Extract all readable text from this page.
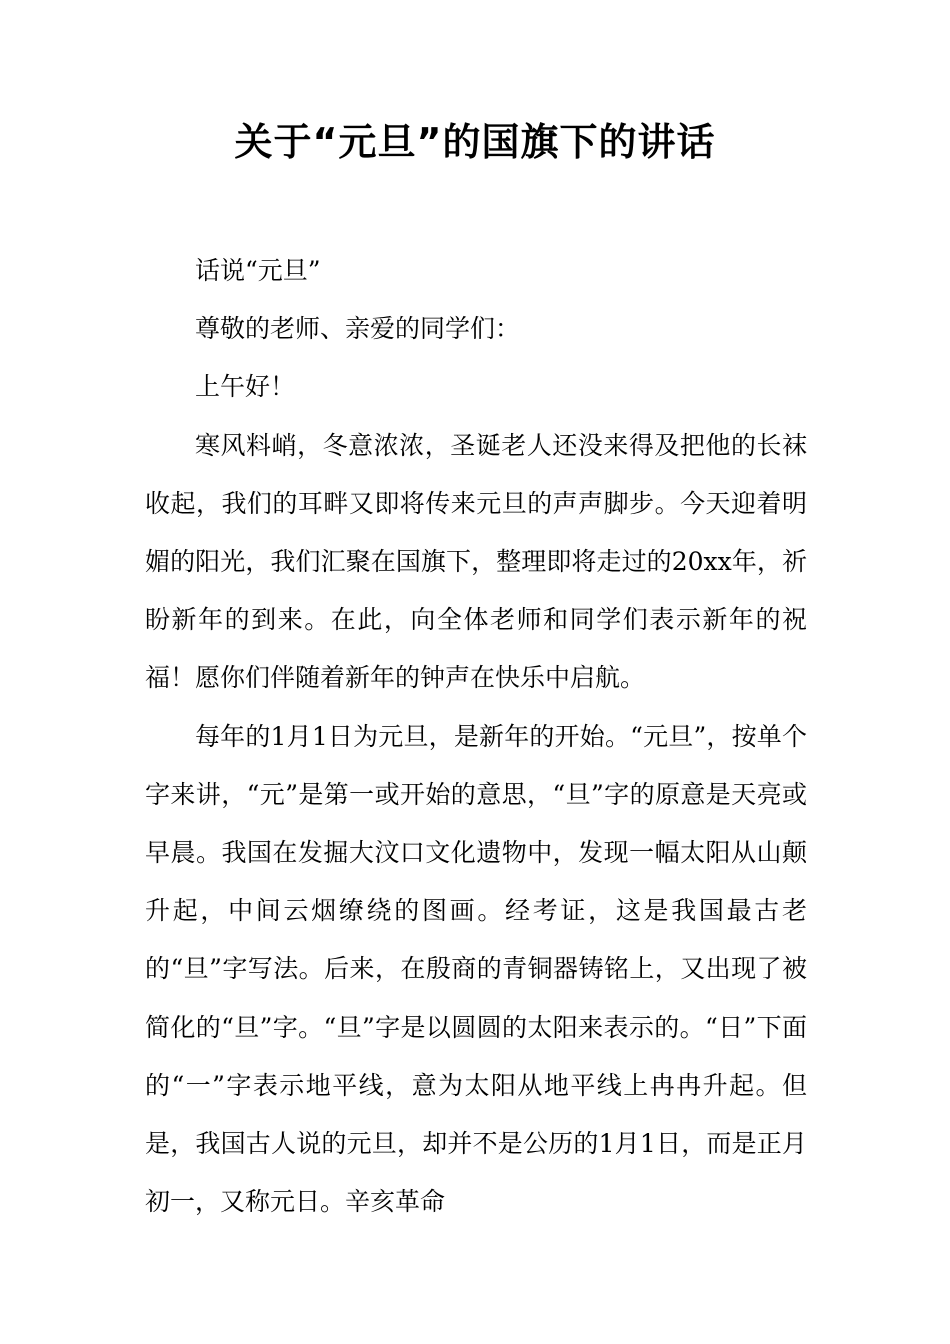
关于“元旦”的国旗下的讲话

话说“元旦”

尊敬的老师、亲爱的同学们：

上午好！

寒风料峭，冬意浓浓，圣诞老人还没来得及把他的长袜收起，我们的耳畔又即将传来元旦的声声脚步。今天迎着明媚的阳光，我们汇聚在国旗下，整理即将走过的20xx年，祈盼新年的到来。在此，向全体老师和同学们表示新年的祝福！愿你们伴随着新年的钟声在快乐中启航。

每年的1月1日为元旦，是新年的开始。“元旦”，按单个字来讲，“元”是第一或开始的意思，“旦”字的原意是天亮或早晨。我国在发掘大汶口文化遗物中，发现一幅太阳从山颠升起，中间云烟缭绕的图画。经考证，这是我国最古老的“旦”字写法。后来，在殷商的青铜器铸铭上，又出现了被简化的“旦”字。“旦”字是以圆圆的太阳来表示的。“日”下面的“一”字表示地平线，意为太阳从地平线上冉冉升起。但是，我国古人说的元旦，却并不是公历的1月1日，而是正月初一，又称元日。辛亥革命
